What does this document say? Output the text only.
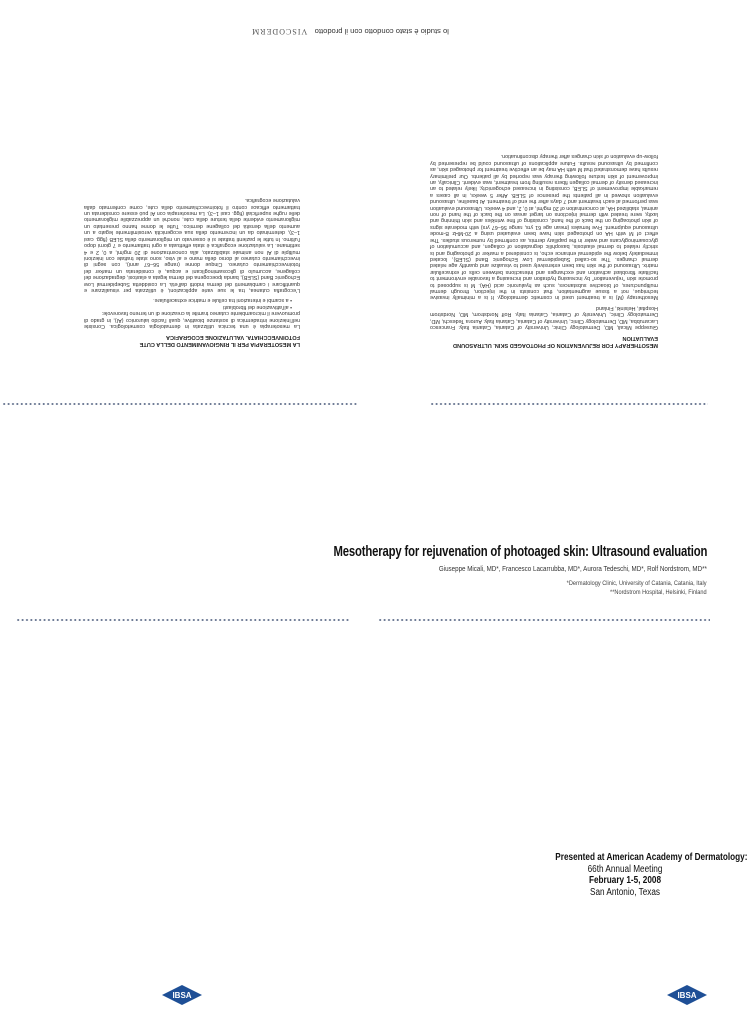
lo studio è stato condotto con il prodotto VISCODERM
LA MESOTERAPIA PER IL RINGIOVANIMENTO DELLA CUTE FOTOINVECCHIATA. VALUTAZIONE ECOGRAFICA
La mesoterapia è una tecnica utilizzata in dermatologia cosmetologica. Consiste nell'iniezione intradermica di sostanze bioattive, quali l'acido ialuronico (AI), in grado di promuovere il microambiente cutaneo tramite la creazione di un terreno favorevole:
• all'attivazione dei fibroblasti
• a scambi e interazioni tra cellule e matrice extracellulare.
L'ecografia cutanea, tra le sue varie applicazioni, è utilizzata per visualizzare e quantificare i cambiamenti del derma indotti dall'età. La cosiddetta Subepidermal Low Echogenic Band (SLEB), banda ipoecogena del derma legata a elastosi, degradazione del collagene, accumulo di glicosaminoglicani e acqua, è considerata un marker del fotoinvecchiamento cutaneo. Cinque donne (range 56–67 anni), con segni di invecchiamento cutaneo al dorso della mano e al viso, sono state trattate con iniezioni multiple di AI non animale stabilizzato, alla concentrazione di 20 mg/ml, a 0, 2 e 4 settimane. La valutazione ecografica è stata effettuata a ogni trattamento e 7 giorni dopo l'ultimo. In tutte le pazienti trattate si è osservato un miglioramento della SLEB (figg. casi 1–3), determinato da un incremento della sua ecogenicità verosimilmente legato a un aumento della densità del collagene dermico. Tutte le donne hanno presentato un miglioramento evidente della texture della cute, nonché un apprezzabile miglioramento delle rughe superficiali (figg. casi 1–3). La mesoterapia con AI può essere considerata un trattamento efficace contro il fotoinvecchiamento della cute, come confermato dalla valutazione ecografica.
MESOTHERAPY FOR REJUVENATION OF PHOTOAGED SKIN. ULTRASOUND EVALUATION
Giuseppe Micali, MD, Dermatology Clinic, University of Catania, Catania Italy. Francesco Lacarrubba, MD, Dermatology Clinic, University of Catania, Catania Italy. Aurora Tedeschi, MD, Dermatology Clinic, University of Catania, Catania Italy. Rolf Nordstrom, MD, Nordstrom Hospital, Helsinki, Finland
Mesotherapy (M) is a treatment used in cosmetic dermatology. It is a minimally invasive technique, not a tissue augmentation, that consists in the injection, through dermal multipunctures, of bioactive substances, such as hyaluronic acid (HA). M is supposed to promote skin "rejuvenation" by increasing hydration and increasing a favorable environment to facilitate fibroblast activation and exchanges and interactions between cells of extracellular matrix. Ultrasound of the skin has been extensively used to visualize and quantify age related dermal changes. The so-called Subepidermal Low Echogenic Band (SLEB), located immediately below the epidermal entrance echo, is considered a marker of photoaging and is strictly related to dermal elastosis, basophilic degradation of collagen, and accumulation of glycosaminoglycans and water in the papillary dermis, as confirmed by numerous studies. The effect of M with HA on photoaged skin have been evaluated using a 20-MHz B-mode ultrasound equipment. Five females (mean age 61 yrs, range 56–67 yrs) with moderate signs of skin photoaging on the back of the hand, consisting of fine wrinkles and skin thinning and laxity, were treated with dermal injections on target areas on the back of the hand of non animal, stabilized HA, at concentration of 20 mg/ml, at 0, 2, and 4 weeks. Ultrasound evaluation was performed at each treatment and 7 days after the end of treatment. At baseline, ultrasound evaluation showed in all patients the presence of SLEB. After 5 weeks, in all cases a remarkable improvement of SLEB, consisting in increased echogenicity, likely related to an increased density of dermal collagen fibers resulting from treatment, was evident. Clinically, an improvement of skin texture following therapy was reported by all patients. Our preliminary results have demonstrated that M with HA may be an effective treatment for photoaged skin, as confirmed by ultrasound results. Future applications of ultrasound could be represented by follow-up evaluation of skin changes after therapy discontinuation.
Mesotherapy for rejuvenation of photoaged skin: Ultrasound evaluation
Giuseppe Micali, MD*, Francesco Lacarrubba, MD*, Aurora Tedeschi, MD*, Rolf Nordstrom, MD**
*Dermatology Clinic, University of Catania, Catania, Italy
**Nordstrom Hospital, Helsinki, Finland
Presented at American Academy of Dermatology:
66th Annual Meeting
February 1-5, 2008
San Antonio, Texas
IBSA	IBSA
